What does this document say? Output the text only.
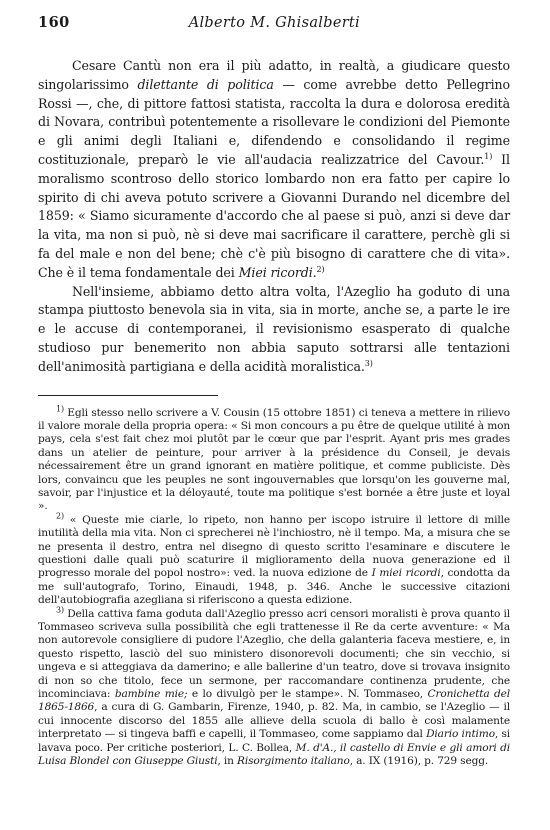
160	Alberto M. Ghisalberti

Cesare Cantù non era il più adatto, in realtà, a giudicare questo singolarissimo dilettante di politica — come avrebbe detto Pellegrino Rossi —, che, di pittore fattosi statista, raccolta la dura e dolorosa eredità di Novara, contribuì potentemente a risollevare le condizioni del Piemonte e gli animi degli Italiani e, difendendo e consolidando il regime costituzionale, preparò le vie all'audacia realizzatrice del Cavour.$^{1)}$ Il moralismo scontroso dello storico lombardo non era fatto per capire lo spirito di chi aveva potuto scrivere a Giovanni Durando nel dicembre del 1859: « Siamo sicuramente d'accordo che al paese si può, anzi si deve dar la vita, ma non si può, nè si deve mai sacrificare il carattere, perchè gli si fa del male e non del bene; chè c'è più bisogno di carattere che di vita». Che è il tema fondamentale dei Miei ricordi.$^{2)}$

Nell'insieme, abbiamo detto altra volta, l'Azeglio ha goduto di una stampa piuttosto benevola sia in vita, sia in morte, anche se, a parte le ire e le accuse di contemporanei, il revisionismo esasperato di qualche studioso pur benemerito non abbia saputo sottrarsi alle tentazioni dell'animosità partigiana e della acidità moralistica.$^{3)}$

$^{1)}$ Egli stesso nello scrivere a V. Cousin (15 ottobre 1851) ci teneva a mettere in rilievo il valore morale della propria opera: « Si mon concours a pu être de quelque utilité à mon pays, cela s'est fait chez moi plutôt par le cœur que par l'esprit. Ayant pris mes grades dans un atelier de peinture, pour arriver à la présidence du Conseil, je devais nécessairement être un grand ignorant en matière politique, et comme publiciste. Dès lors, convaincu que les peuples ne sont ingouvernables que lorsqu'on les gouverne mal, savoir, par l'injustice et la déloyauté, toute ma politique s'est bornée a être juste et loyal ».

$^{2)}$ « Queste mie ciarle, lo ripeto, non hanno per iscopo istruire il lettore di mille inutilità della mia vita. Non ci sprecherei nè l'inchiostro, nè il tempo. Ma, a misura che se ne presenta il destro, entra nel disegno di questo scritto l'esaminare e discutere le questioni dalle quali può scaturire il miglioramento della nuova generazione ed il progresso morale del popol nostro»: ved. la nuova edizione de I miei ricordi, condotta da me sull'autografo, Torino, Einaudi, 1948, p. 346. Anche le successive citazioni dell'autobiografia azegliana si riferiscono a questa edizione.

$^{3)}$ Della cattiva fama goduta dall'Azeglio presso acri censori moralisti è prova quanto il Tommaseo scriveva sulla possibilità che egli trattenesse il Re da certe avventure: « Ma non autorevole consigliere di pudore l'Azeglio, che della galanteria faceva mestiere, e, in questo rispetto, lasciò del suo ministero disonorevoli documenti; che sin vecchio, si ungeva e si atteggiava da damerino; e alle ballerine d'un teatro, dove si trovava insignito di non so che titolo, fece un sermone, per raccomandare continenza prudente, che incominciava: bambine mie; e lo divulgò per le stampe». N. Tommaseo, Cronichetta del 1865-1866, a cura di G. Gambarin, Firenze, 1940, p. 82. Ma, in cambio, se l'Azeglio — il cui innocente discorso del 1855 alle allieve della scuola di ballo è così malamente interpretato — si tingeva baffi e capelli, il Tommaseo, come sappiamo dal Diario intimo, si lavava poco. Per critiche posteriori, L. C. Bollea, M. d'A., il castello di Envie e gli amori di Luisa Blondel con Giuseppe Giusti, in Risorgimento italiano, a. IX (1916), p. 729 segg.
